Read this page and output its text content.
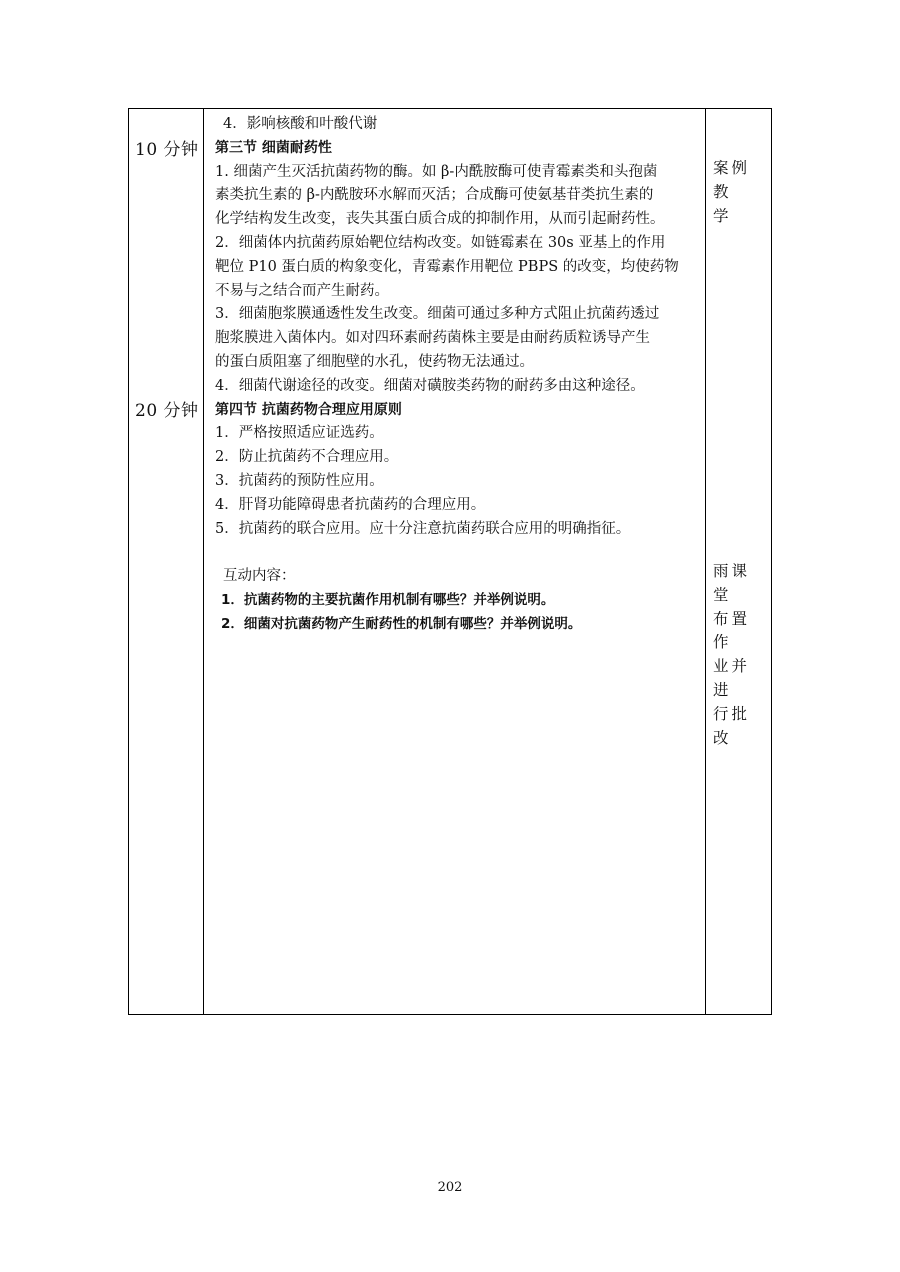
10 分钟
20 分钟
4．影响核酸和叶酸代谢
第三节 细菌耐药性
1. 细菌产生灭活抗菌药物的酶。如 β-内酰胺酶可使青霉素类和头孢菌
素类抗生素的 β-内酰胺环水解而灭活；合成酶可使氨基苷类抗生素的
化学结构发生改变，丧失其蛋白质合成的抑制作用，从而引起耐药性。
2．细菌体内抗菌药原始靶位结构改变。如链霉素在 30s 亚基上的作用
靶位 P10 蛋白质的构象变化，青霉素作用靶位 PBPS 的改变，均使药物
不易与之结合而产生耐药。
3．细菌胞浆膜通透性发生改变。细菌可通过多种方式阻止抗菌药透过
胞浆膜进入菌体内。如对四环素耐药菌株主要是由耐药质粒诱导产生
的蛋白质阻塞了细胞壁的水孔，使药物无法通过。
4．细菌代谢途径的改变。细菌对磺胺类药物的耐药多由这种途径。
第四节 抗菌药物合理应用原则
1．严格按照适应证选药。
2．防止抗菌药不合理应用。
3．抗菌药的预防性应用。
4．肝肾功能障碍患者抗菌药的合理应用。
5．抗菌药的联合应用。应十分注意抗菌药联合应用的明确指征。
互动内容：
1．抗菌药物的主要抗菌作用机制有哪些？并举例说明。
2．细菌对抗菌药物产生耐药性的机制有哪些？并举例说明。
案例教
学
雨课堂
布置作
业并进
行批改
202
